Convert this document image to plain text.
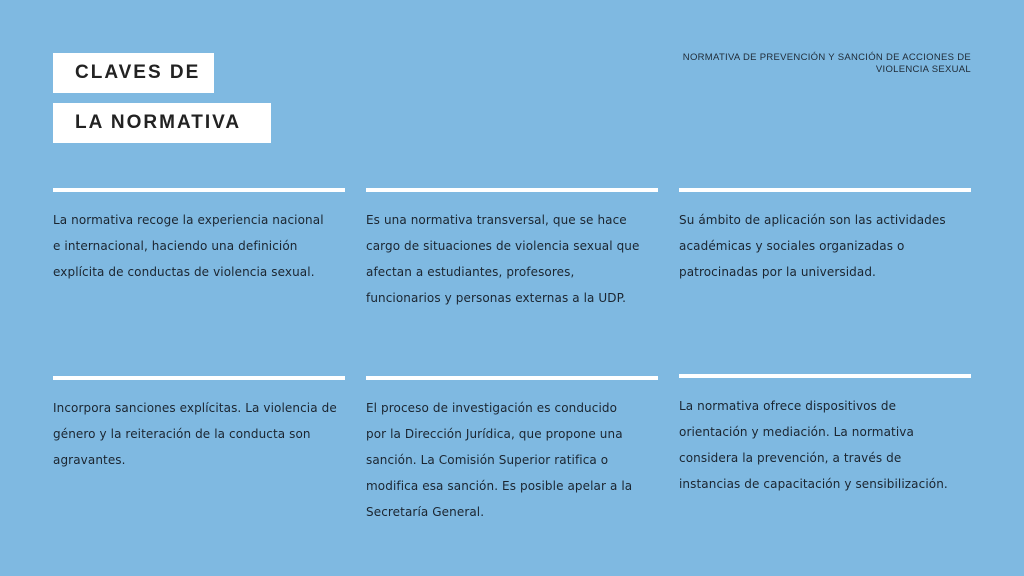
CLAVES DE
LA NORMATIVA
NORMATIVA DE PREVENCIÓN Y SANCIÓN DE ACCIONES DE
VIOLENCIA SEXUAL
La normativa recoge la experiencia nacional
e internacional, haciendo una definición
explícita de conductas de violencia sexual.
Es una normativa transversal, que se hace
cargo de situaciones de violencia sexual que
afectan a estudiantes, profesores,
funcionarios y personas externas a la UDP.
Su ámbito de aplicación son las actividades
académicas y sociales organizadas o
patrocinadas por la universidad.
Incorpora sanciones explícitas. La violencia de
género y la reiteración de la conducta son
agravantes.
El proceso de investigación es conducido
por la Dirección Jurídica, que propone una
sanción. La Comisión Superior ratifica o
modifica esa sanción. Es posible apelar a la
Secretaría General.
La normativa ofrece dispositivos de
orientación y mediación. La normativa
considera la prevención, a través de
instancias de capacitación y sensibilización.
